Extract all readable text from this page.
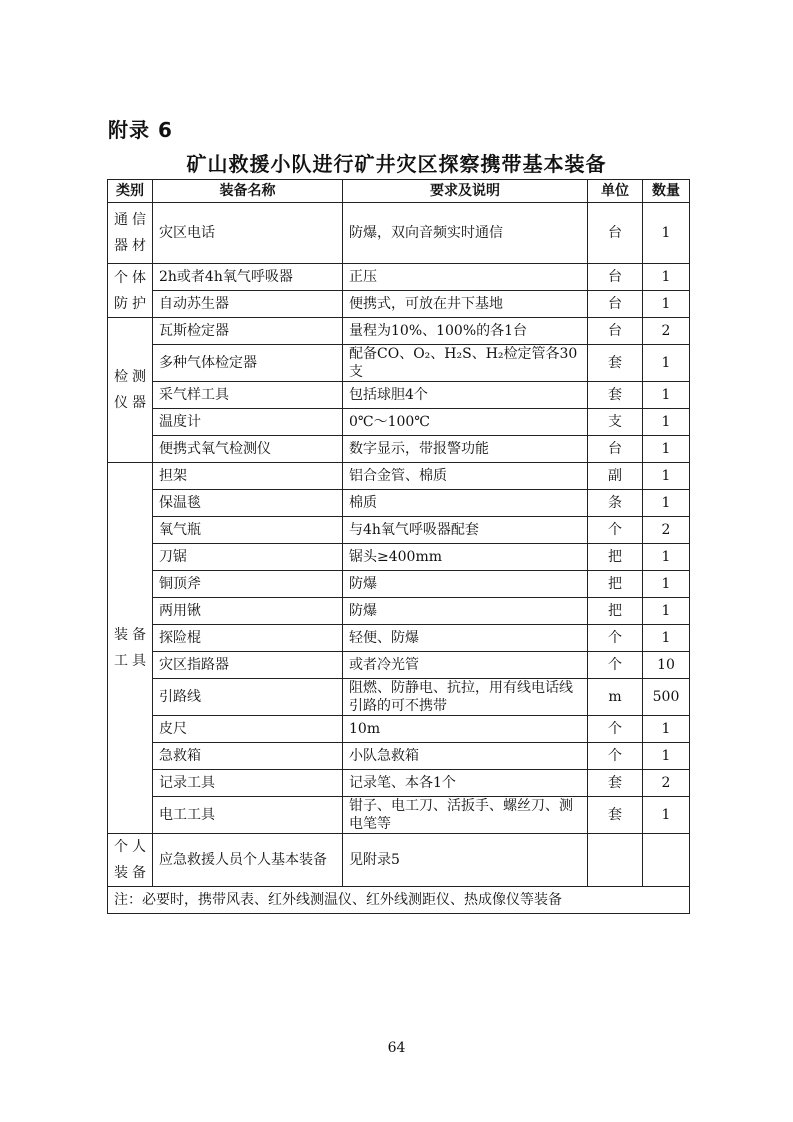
附录 6
矿山救援小队进行矿井灾区探察携带基本装备
类别	装备名称	要求及说明	单位	数量

通信器材	灾区电话	防爆，双向音频实时通信	台	1

个体防护	2h或者4h氧气呼吸器	正压	台	1
	自动苏生器	便携式，可放在井下基地	台	1

检测仪器	瓦斯检定器	量程为10%、100%的各1台	台	2
	多种气体检定器	配备CO、O₂、H₂S、H₂检定管各30支	套	1
	采气样工具	包括球胆4个	套	1
	温度计	0℃～100℃	支	1
	便携式氧气检测仪	数字显示，带报警功能	台	1

装备工具	担架	铝合金管、棉质	副	1
	保温毯	棉质	条	1
	氧气瓶	与4h氧气呼吸器配套	个	2
	刀锯	锯头≥400mm	把	1
	铜顶斧	防爆	把	1
	两用锹	防爆	把	1
	探险棍	轻便、防爆	个	1
	灾区指路器	或者冷光管	个	10
	引路线	阻燃、防静电、抗拉，用有线电话线引路的可不携带	m	500
	皮尺	10m	个	1
	急救箱	小队急救箱	个	1
	记录工具	记录笔、本各1个	套	2
	电工工具	钳子、电工刀、活扳手、螺丝刀、测电笔等	套	1

个人装备	应急救援人员个人基本装备	见附录5		
注：必要时，携带风表、红外线测温仪、红外线测距仪、热成像仪等装备				
64
